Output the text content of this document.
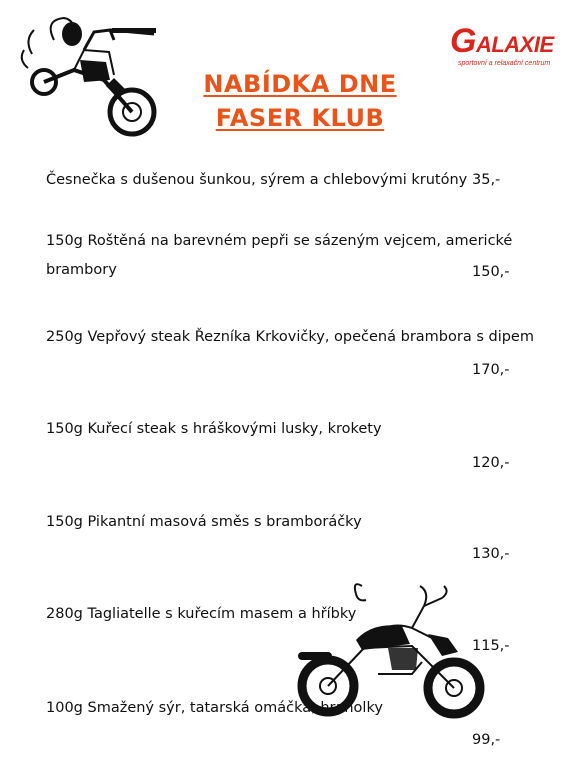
GALAXIE
sportovní a relaxační centrum
NABÍDKA DNE
FASER KLUB
Česnečka s dušenou šunkou, sýrem a chlebovými krutóny 35,-
150g Roštěná na barevném pepři se sázeným vejcem, americké
brambory	150,-
250g Vepřový steak Řezníka Krkovičky, opečená brambora s dipem
170,-
150g Kuřecí steak s hráškovými lusky, krokety
120,-
150g Pikantní masová směs s bramboráčky
130,-
280g Tagliatelle s kuřecím masem a hříbky
115,-
100g Smažený sýr, tatarská omáčka, hranolky
99,-
